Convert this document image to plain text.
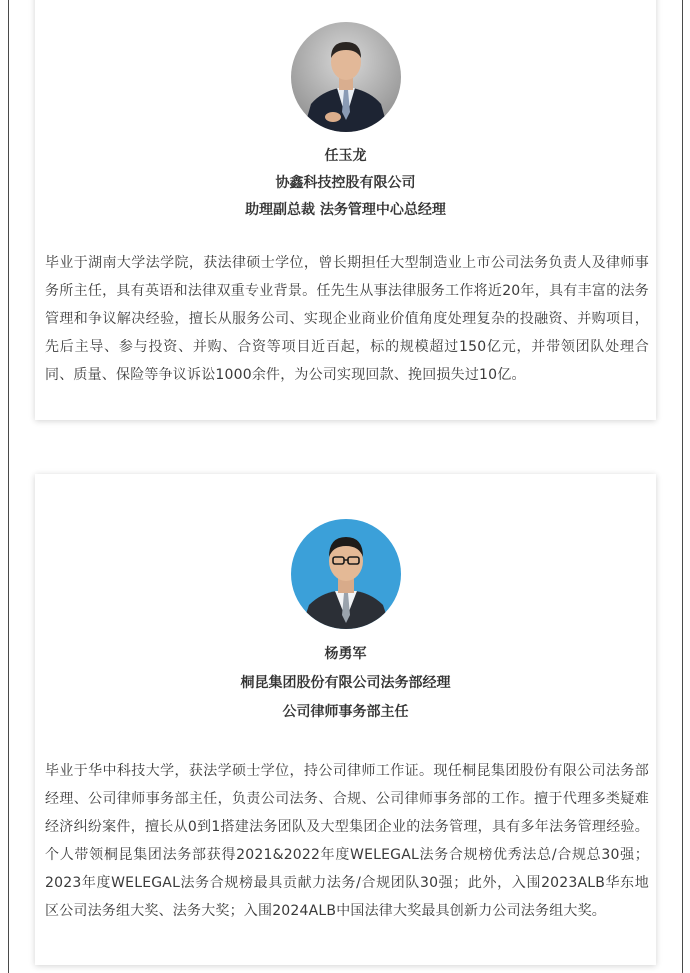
任玉龙
协鑫科技控股有限公司
助理副总裁 法务管理中心总经理
毕业于湖南大学法学院，获法律硕士学位，曾长期担任大型制造业上市公司法务负责人及律师事务所主任，具有英语和法律双重专业背景。任先生从事法律服务工作将近20年，具有丰富的法务管理和争议解决经验，擅长从服务公司、实现企业商业价值角度处理复杂的投融资、并购项目，先后主导、参与投资、并购、合资等项目近百起，标的规模超过150亿元，并带领团队处理合同、质量、保险等争议诉讼1000余件，为公司实现回款、挽回损失过10亿。
杨勇军
桐昆集团股份有限公司法务部经理
公司律师事务部主任
毕业于华中科技大学，获法学硕士学位，持公司律师工作证。现任桐昆集团股份有限公司法务部经理、公司律师事务部主任，负责公司法务、合规、公司律师事务部的工作。擅于代理多类疑难经济纠纷案件，擅长从0到1搭建法务团队及大型集团企业的法务管理，具有多年法务管理经验。个人带领桐昆集团法务部获得2021&2022年度WELEGAL法务合规榜优秀法总/合规总30强；2023年度WELEGAL法务合规榜最具贡献力法务/合规团队30强；此外，入围2023ALB华东地区公司法务组大奖、法务大奖；入围2024ALB中国法律大奖最具创新力公司法务组大奖。
